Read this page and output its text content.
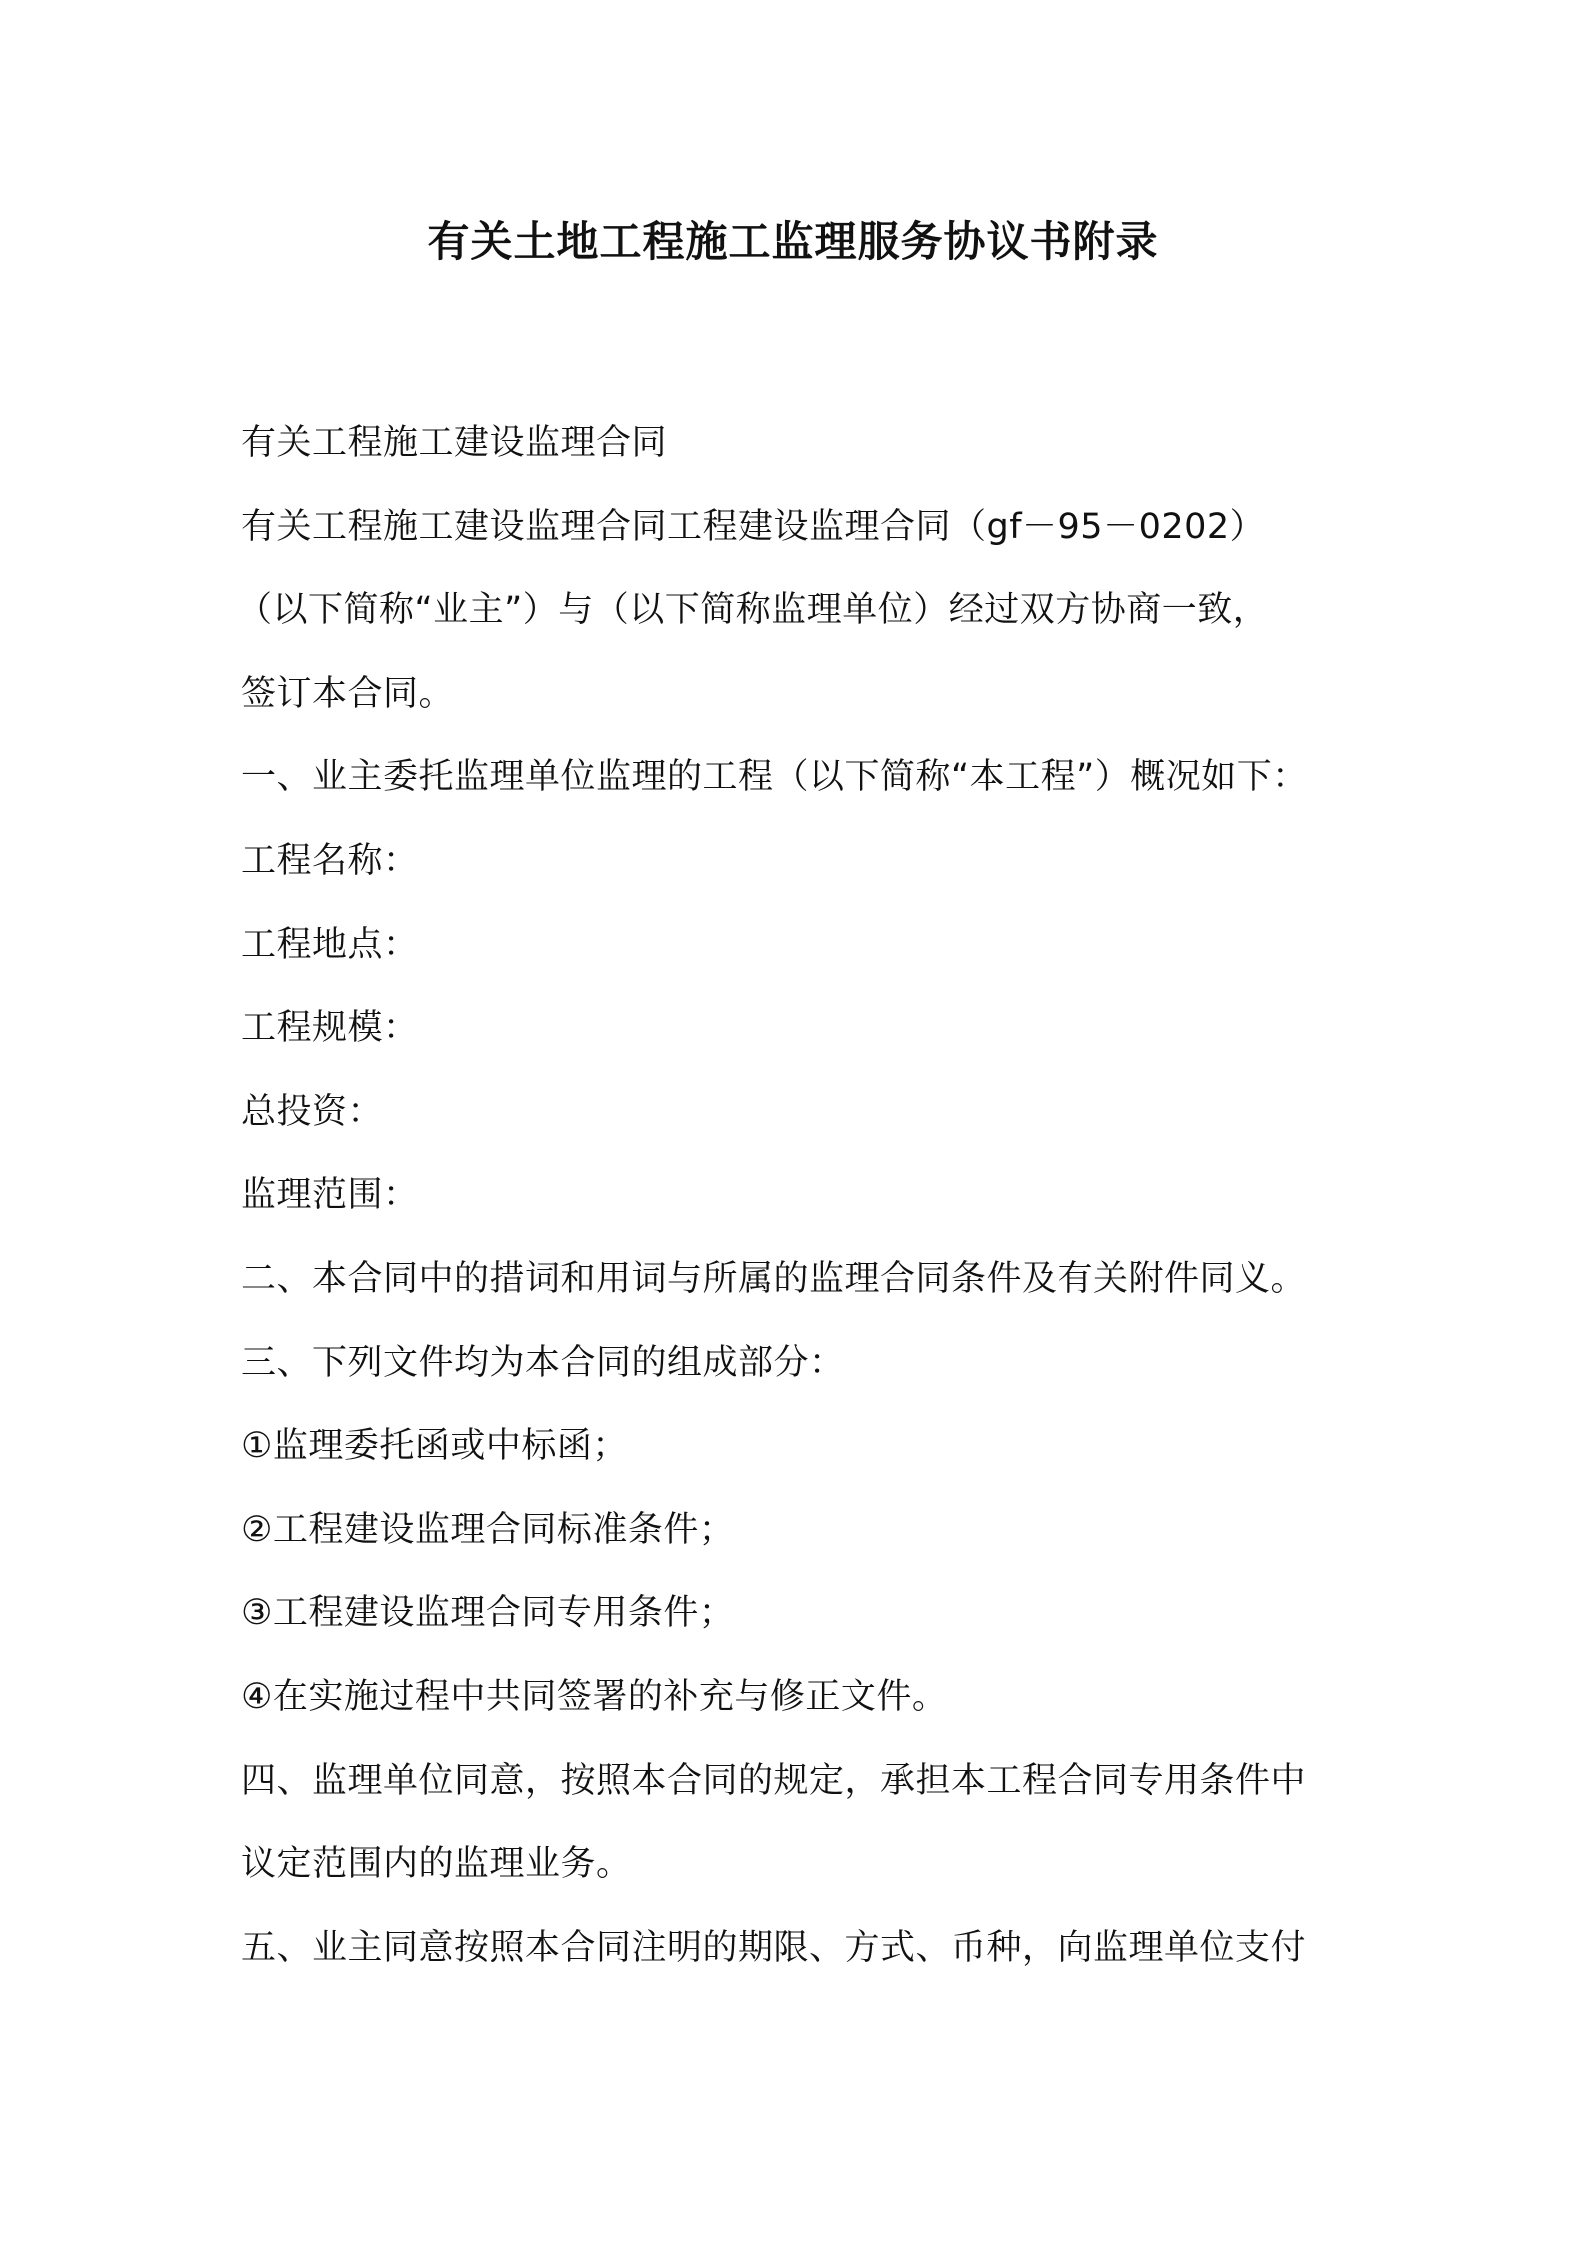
有关土地工程施工监理服务协议书附录
有关工程施工建设监理合同
有关工程施工建设监理合同工程建设监理合同（gf－95－0202）
（以下简称“业主”）与（以下简称监理单位）经过双方协商一致，
签订本合同。
一、业主委托监理单位监理的工程（以下简称“本工程”）概况如下：
工程名称：
工程地点：
工程规模：
总投资：
监理范围：
二、本合同中的措词和用词与所属的监理合同条件及有关附件同义。
三、下列文件均为本合同的组成部分：
①监理委托函或中标函；
②工程建设监理合同标准条件；
③工程建设监理合同专用条件；
④在实施过程中共同签署的补充与修正文件。
四、监理单位同意，按照本合同的规定，承担本工程合同专用条件中
议定范围内的监理业务。
五、业主同意按照本合同注明的期限、方式、币种，向监理单位支付
